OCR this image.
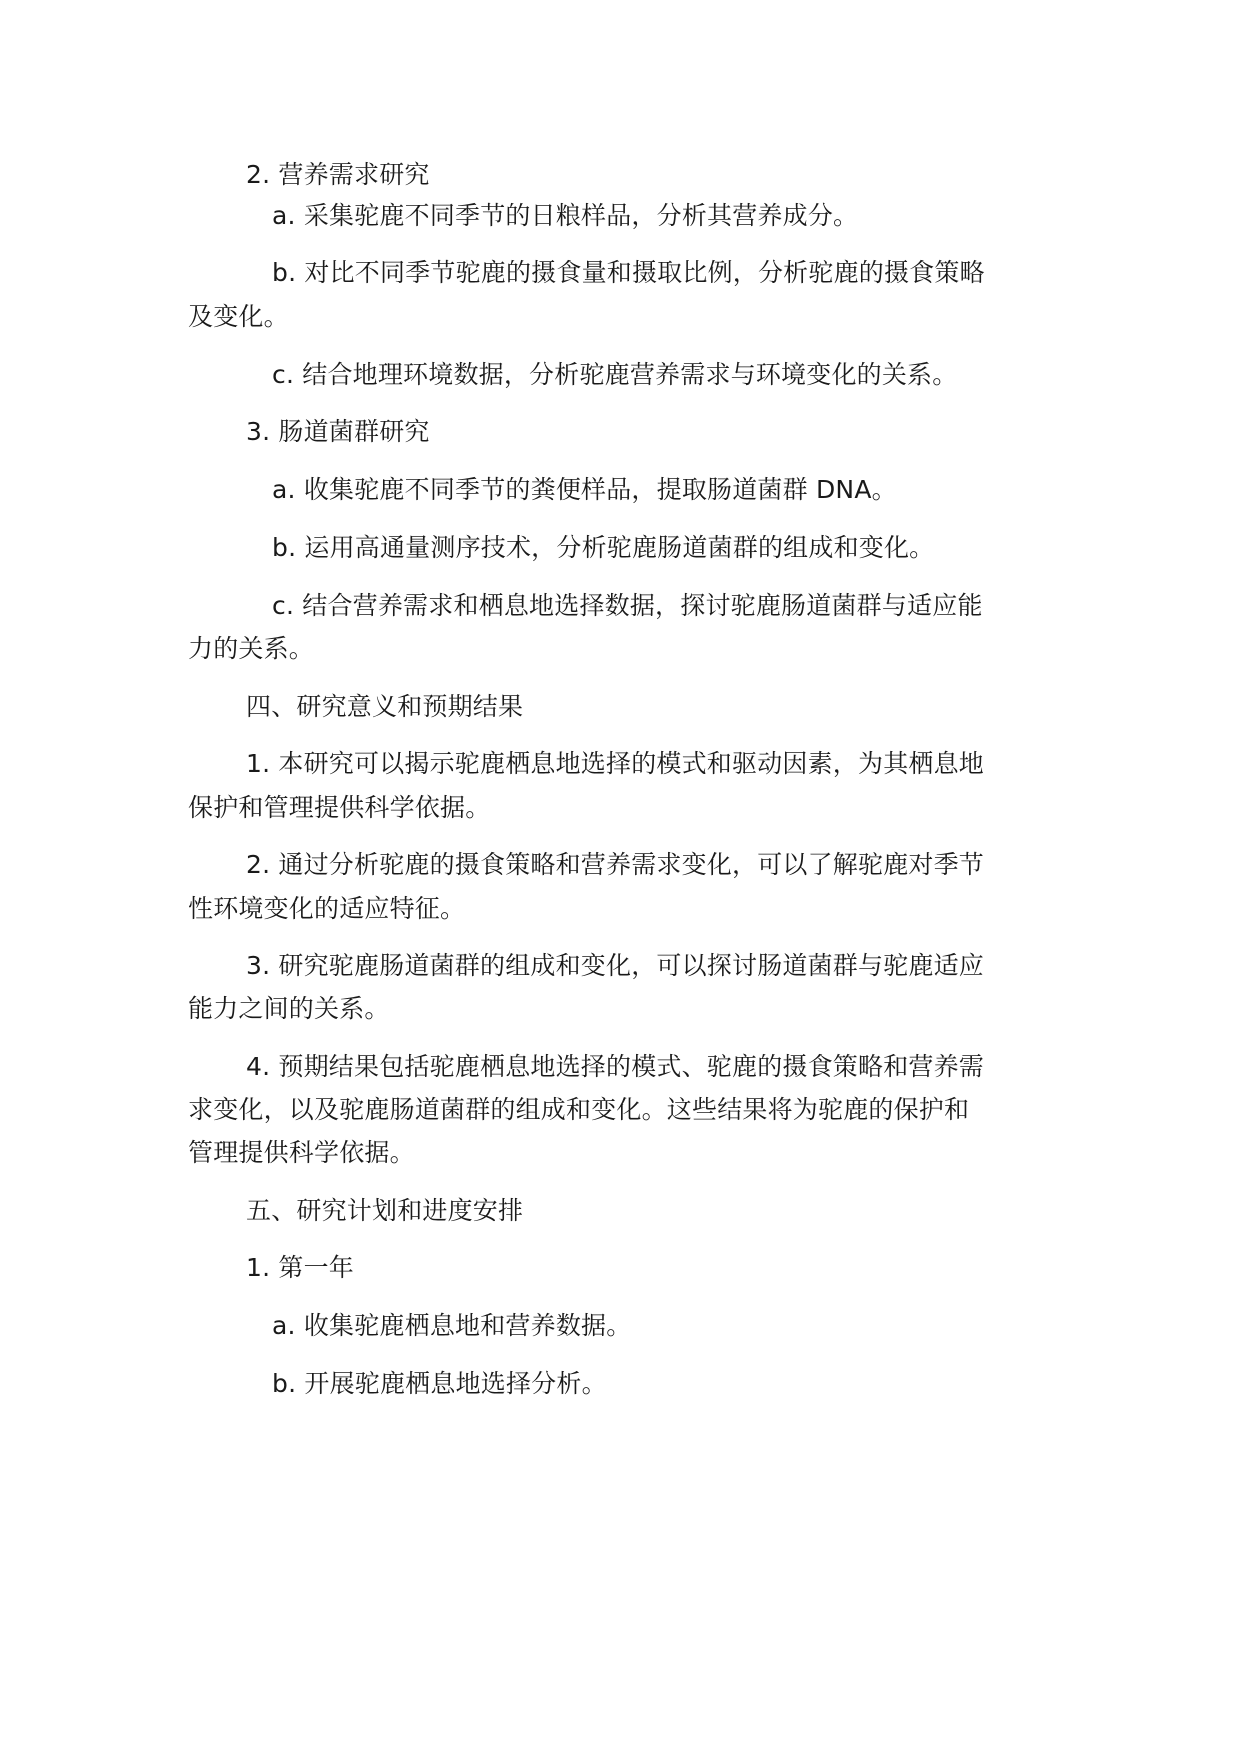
2. 营养需求研究
a. 采集驼鹿不同季节的日粮样品，分析其营养成分。
b. 对比不同季节驼鹿的摄食量和摄取比例，分析驼鹿的摄食策略
及变化。
c. 结合地理环境数据，分析驼鹿营养需求与环境变化的关系。
3. 肠道菌群研究
a. 收集驼鹿不同季节的粪便样品，提取肠道菌群 DNA。
b. 运用高通量测序技术，分析驼鹿肠道菌群的组成和变化。
c. 结合营养需求和栖息地选择数据，探讨驼鹿肠道菌群与适应能
力的关系。
四、研究意义和预期结果
1. 本研究可以揭示驼鹿栖息地选择的模式和驱动因素，为其栖息地
保护和管理提供科学依据。
2. 通过分析驼鹿的摄食策略和营养需求变化，可以了解驼鹿对季节
性环境变化的适应特征。
3. 研究驼鹿肠道菌群的组成和变化，可以探讨肠道菌群与驼鹿适应
能力之间的关系。
4. 预期结果包括驼鹿栖息地选择的模式、驼鹿的摄食策略和营养需
求变化，以及驼鹿肠道菌群的组成和变化。这些结果将为驼鹿的保护和
管理提供科学依据。
五、研究计划和进度安排
1. 第一年
a. 收集驼鹿栖息地和营养数据。
b. 开展驼鹿栖息地选择分析。
